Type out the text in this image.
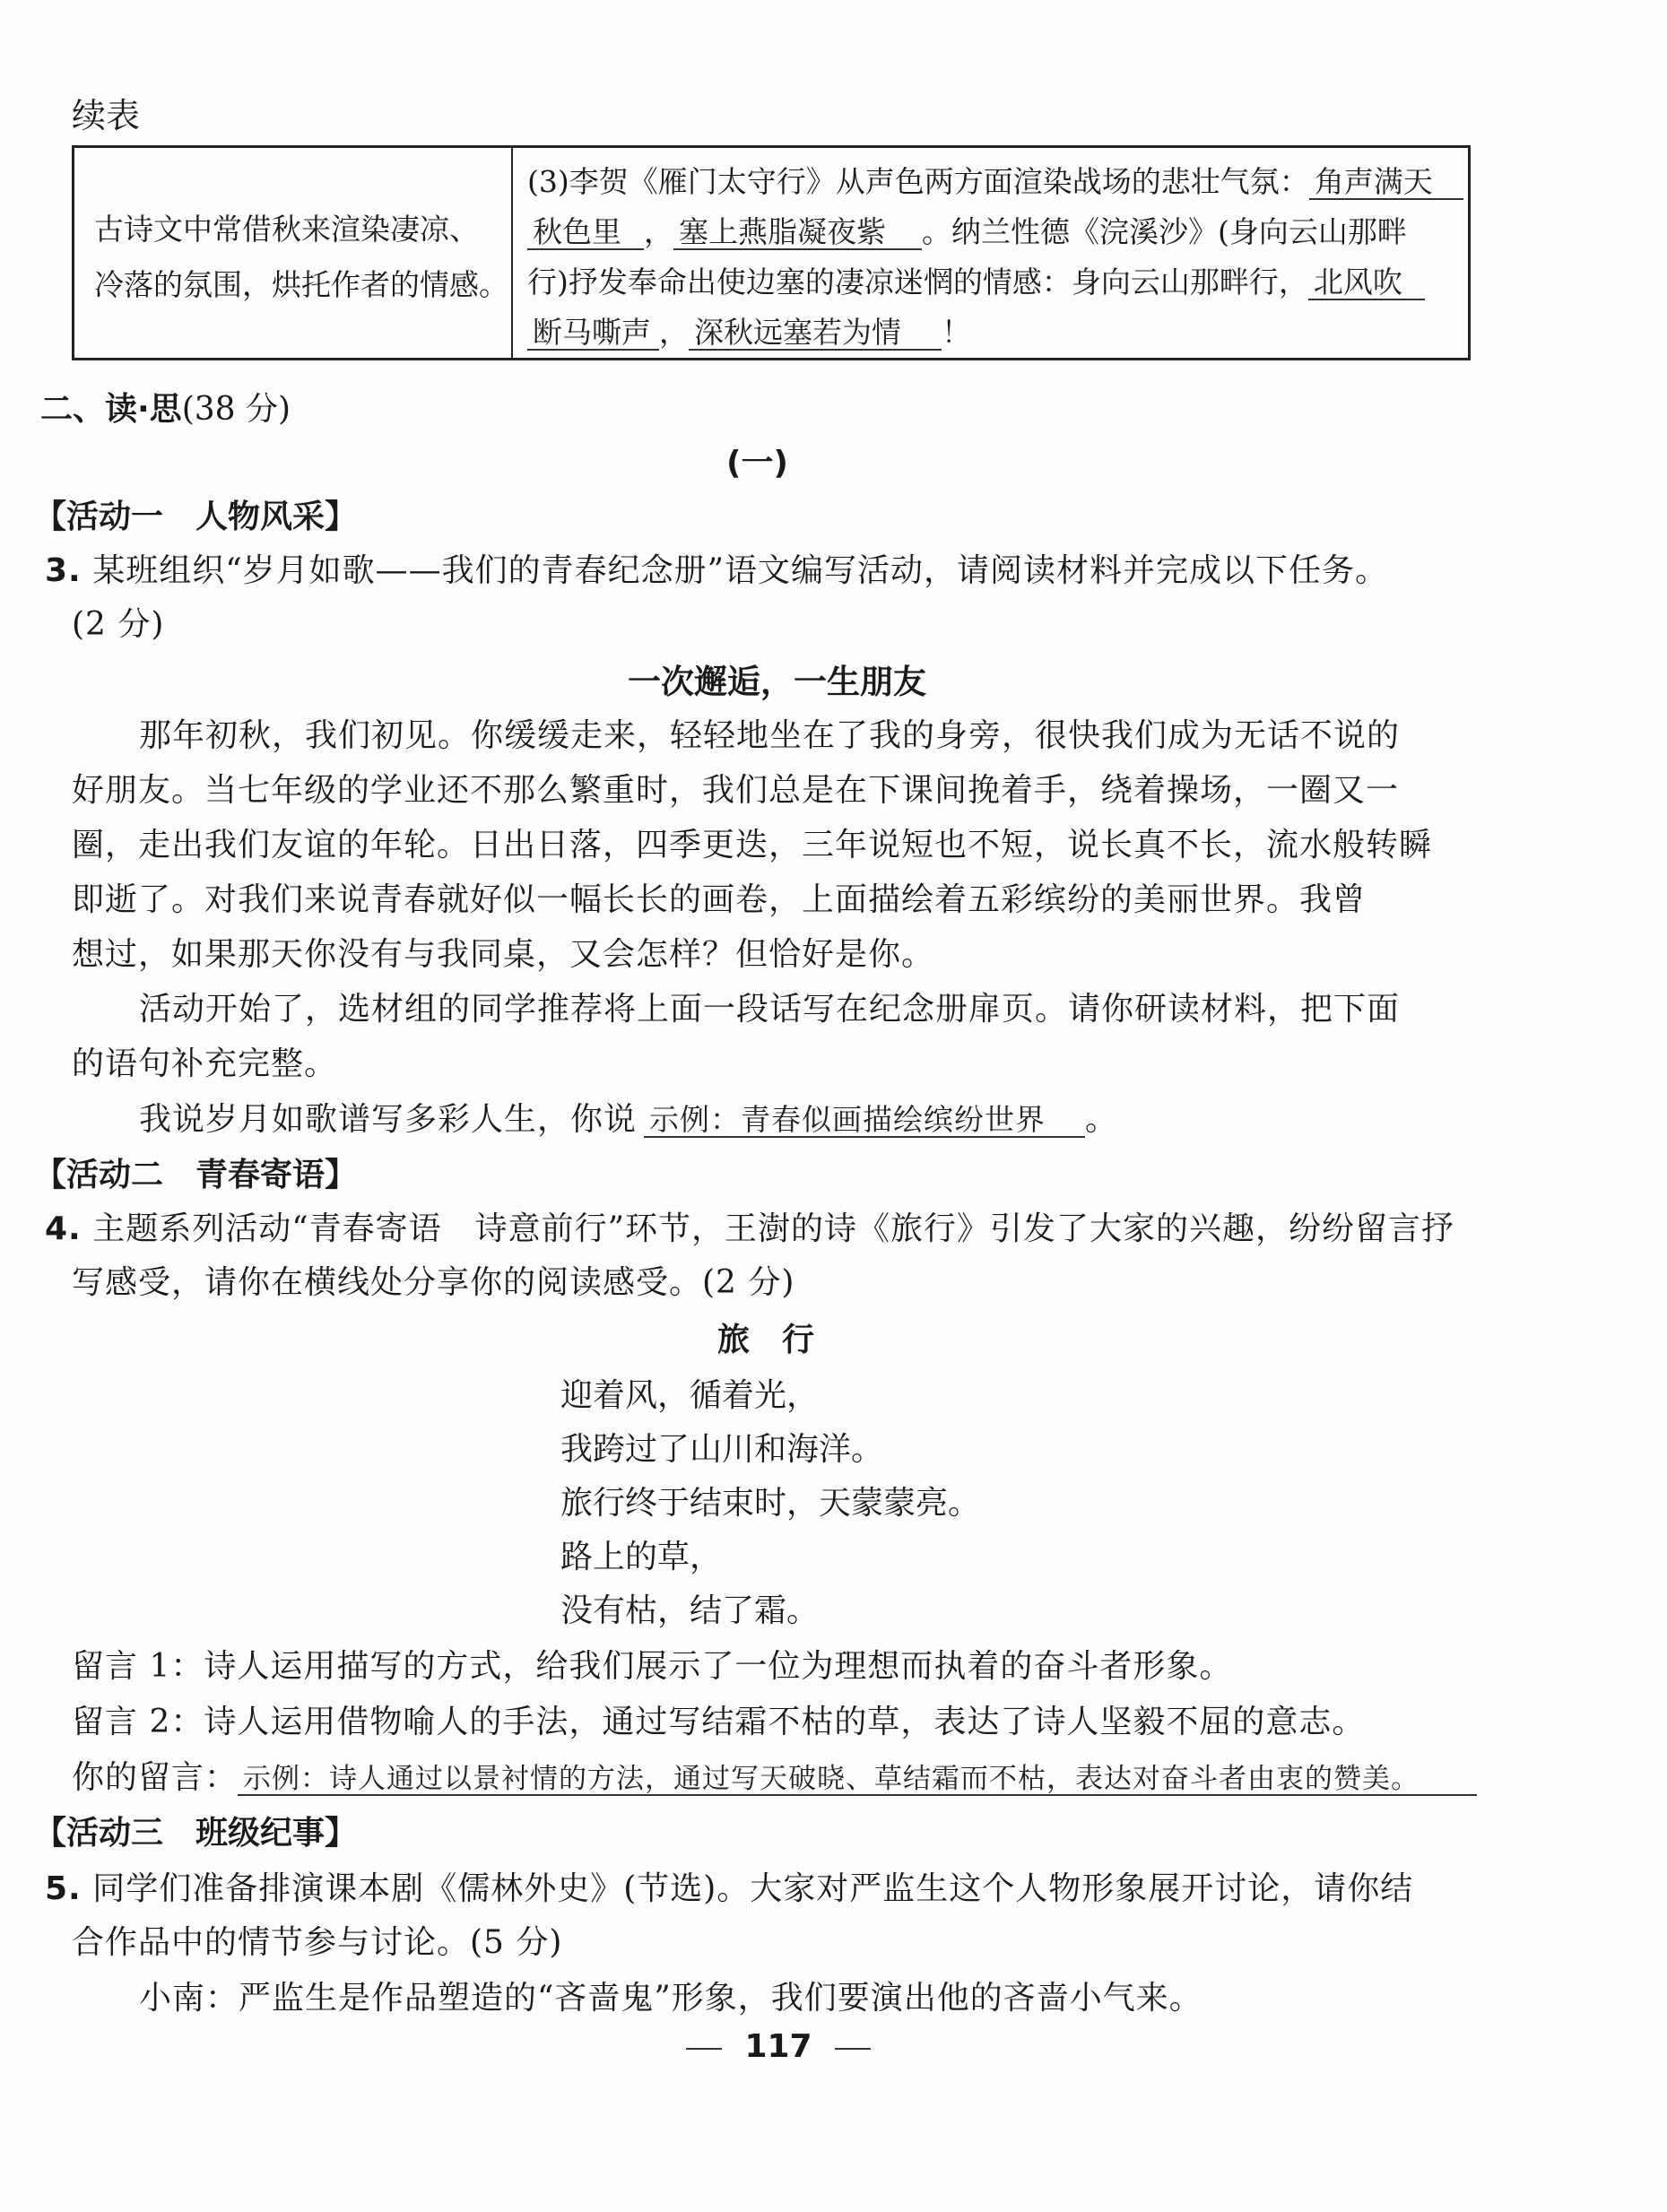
续表
古诗文中常借秋来渲染凄凉、
冷落的氛围，烘托作者的情感。
(3)李贺《雁门太守行》从声色两方面渲染战场的悲壮气氛： 角声满天
秋色里 ， 塞上燕脂凝夜紫 。纳兰性德《浣溪沙》(身向云山那畔
行)抒发奉命出使边塞的凄凉迷惘的情感：身向云山那畔行， 北风吹
断马嘶声 ， 深秋远塞若为情 ！
二、读·思(38 分)
(一)
【活动一　人物风采】
3. 某班组织“岁月如歌——我们的青春纪念册”语文编写活动，请阅读材料并完成以下任务。
(2 分)
一次邂逅，一生朋友
那年初秋，我们初见。你缓缓走来，轻轻地坐在了我的身旁，很快我们成为无话不说的
好朋友。当七年级的学业还不那么繁重时，我们总是在下课间挽着手，绕着操场，一圈又一
圈，走出我们友谊的年轮。日出日落，四季更迭，三年说短也不短，说长真不长，流水般转瞬
即逝了。对我们来说青春就好似一幅长长的画卷，上面描绘着五彩缤纷的美丽世界。我曾
想过，如果那天你没有与我同桌，又会怎样？但恰好是你。
活动开始了，选材组的同学推荐将上面一段话写在纪念册扉页。请你研读材料，把下面
的语句补充完整。
我说岁月如歌谱写多彩人生，你说 示例：青春似画描绘缤纷世界 。
【活动二　青春寄语】
4. 主题系列活动“青春寄语　诗意前行”环节，王澍的诗《旅行》引发了大家的兴趣，纷纷留言抒
写感受，请你在横线处分享你的阅读感受。(2 分)
旅　行
迎着风，循着光，
我跨过了山川和海洋。
旅行终于结束时，天蒙蒙亮。
路上的草，
没有枯，结了霜。
留言 1：诗人运用描写的方式，给我们展示了一位为理想而执着的奋斗者形象。
留言 2：诗人运用借物喻人的手法，通过写结霜不枯的草，表达了诗人坚毅不屈的意志。
你的留言： 示例：诗人通过以景衬情的方法，通过写天破晓、草结霜而不枯，表达对奋斗者由衷的赞美。
【活动三　班级纪事】
5. 同学们准备排演课本剧《儒林外史》(节选)。大家对严监生这个人物形象展开讨论，请你结
合作品中的情节参与讨论。(5 分)
小南：严监生是作品塑造的“吝啬鬼”形象，我们要演出他的吝啬小气来。
117
